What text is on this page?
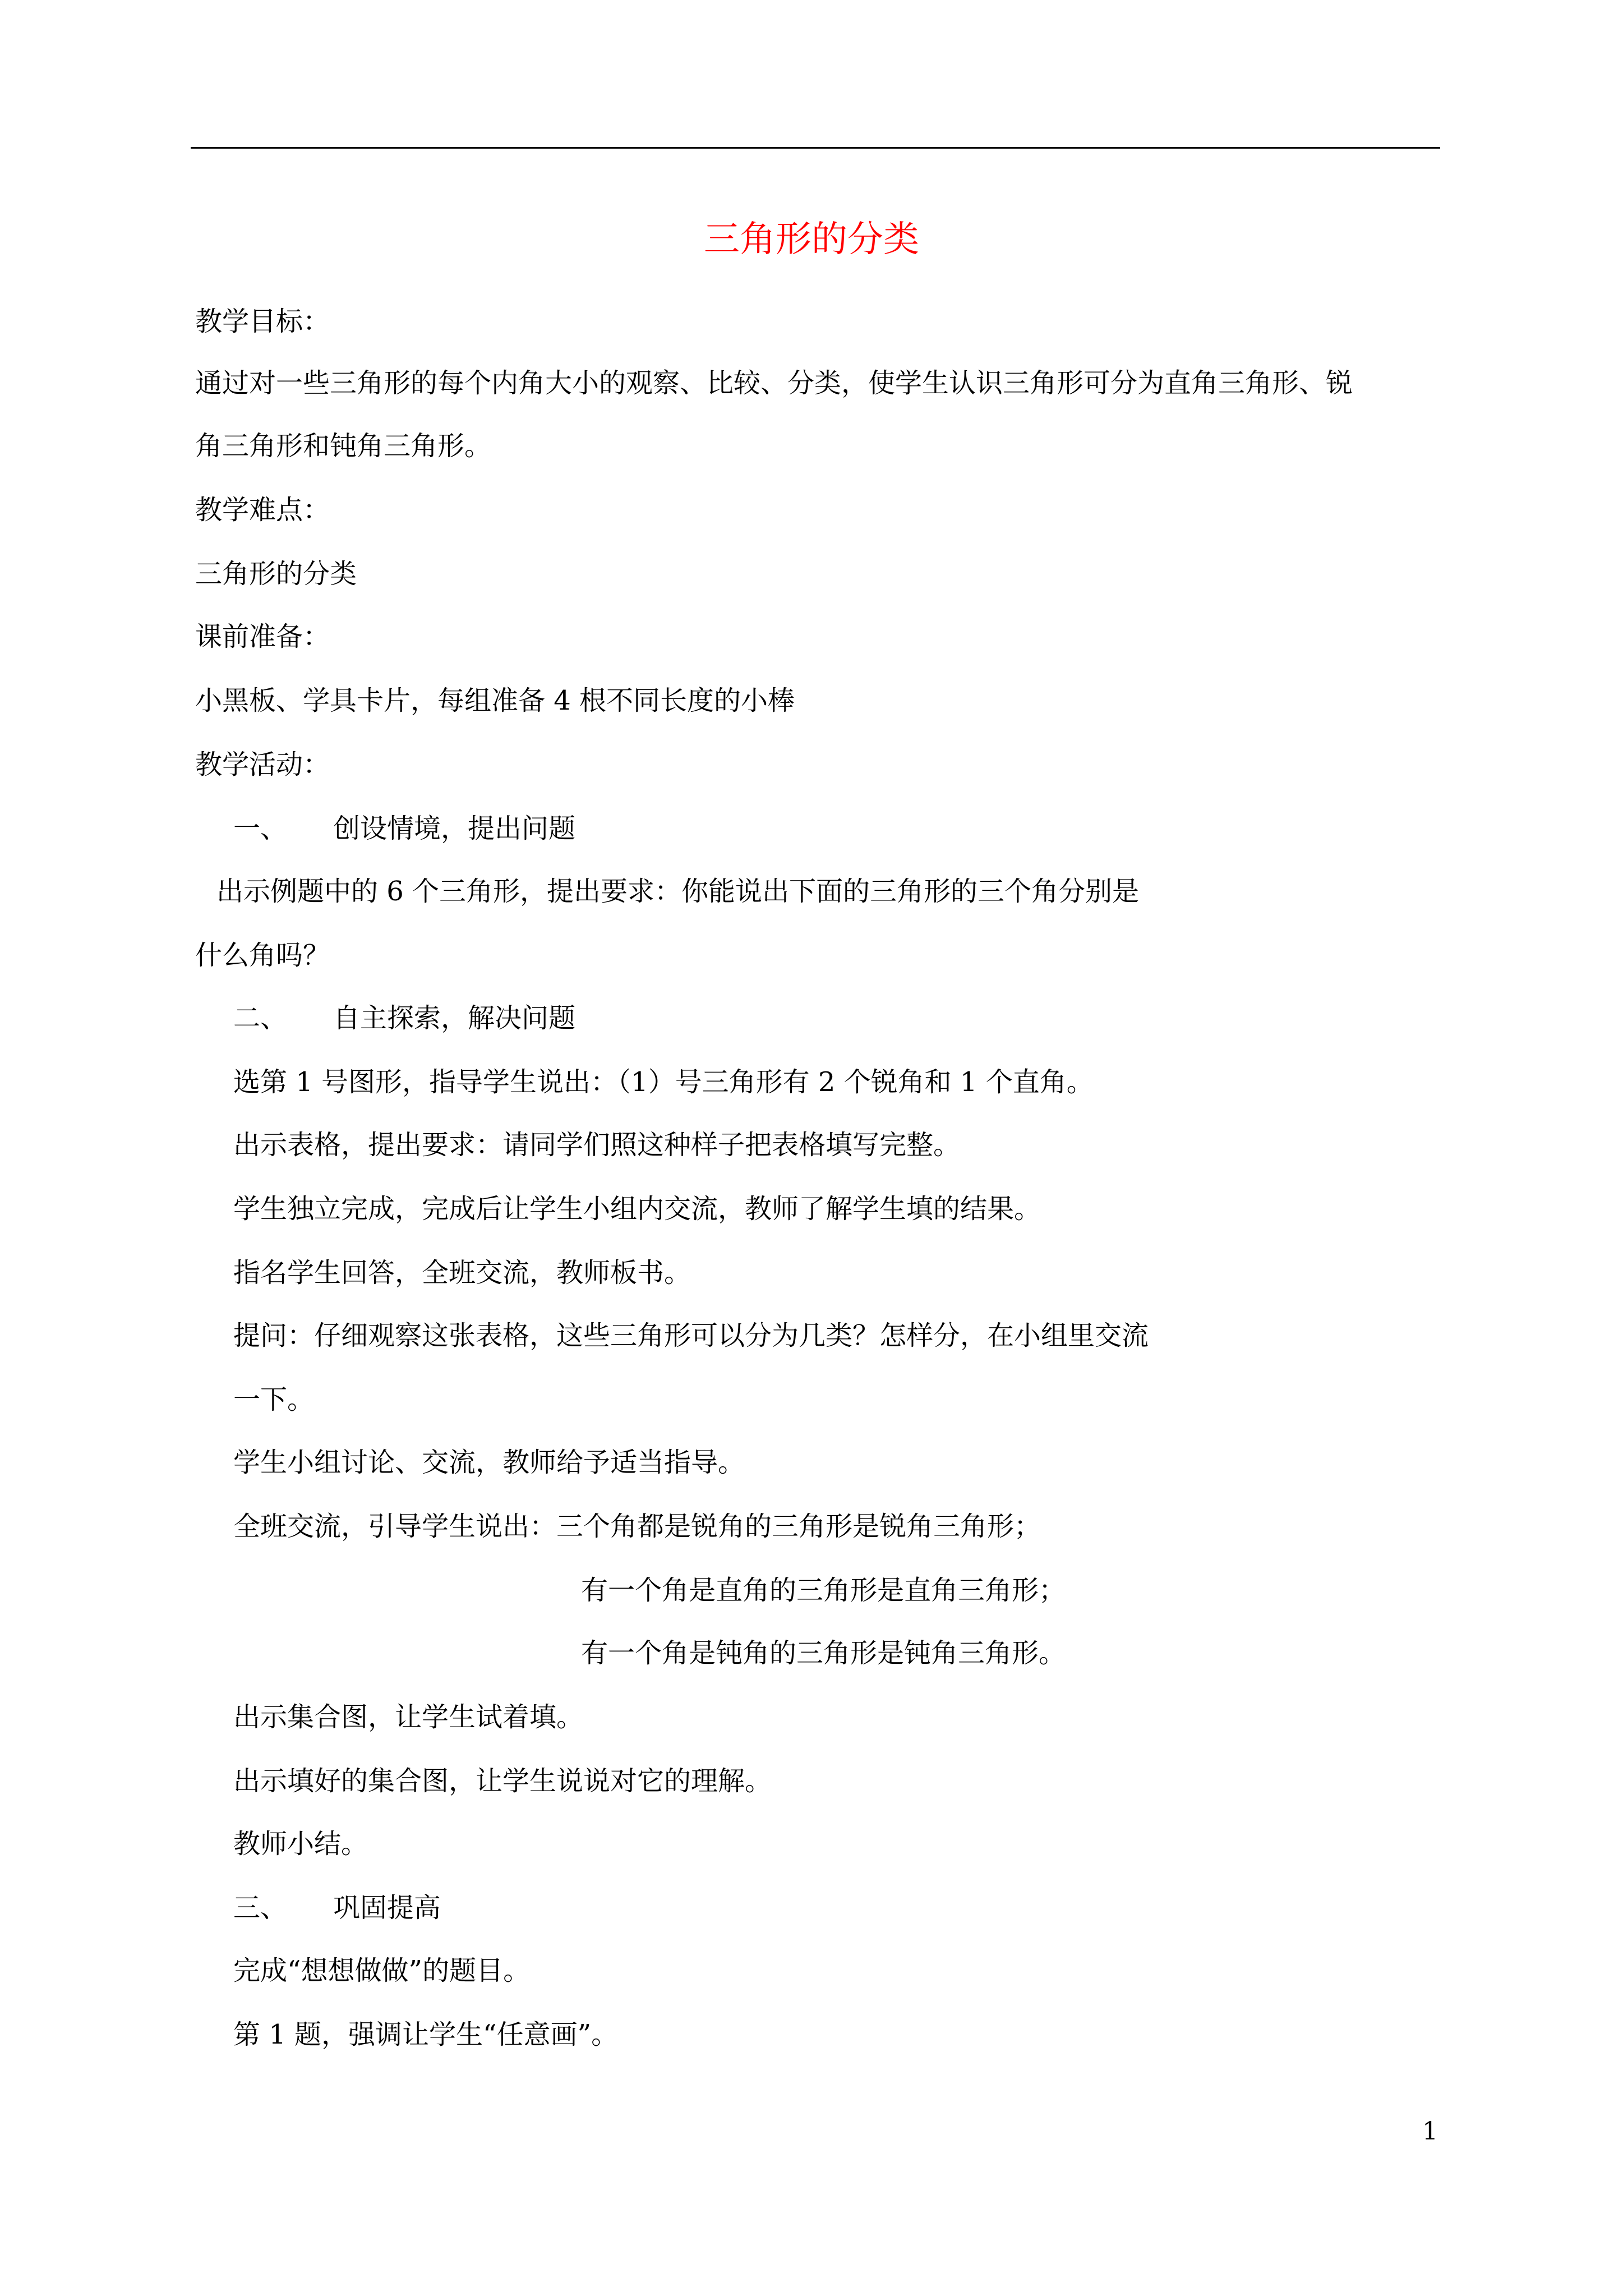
三角形的分类

教学目标：

通过对一些三角形的每个内角大小的观察、比较、分类，使学生认识三角形可分为直角三角形、锐

角三角形和钝角三角形。

教学难点：

三角形的分类

课前准备：

小黑板、学具卡片，每组准备 4 根不同长度的小棒

教学活动：

一、 创设情境，提出问题

出示例题中的 6 个三角形，提出要求：你能说出下面的三角形的三个角分别是

什么角吗？

二、 自主探索，解决问题

选第 1 号图形，指导学生说出：（1）号三角形有 2 个锐角和 1 个直角。

出示表格，提出要求：请同学们照这种样子把表格填写完整。

学生独立完成，完成后让学生小组内交流，教师了解学生填的结果。

指名学生回答，全班交流，教师板书。

提问：仔细观察这张表格，这些三角形可以分为几类？怎样分，在小组里交流

一下。

学生小组讨论、交流，教师给予适当指导。

全班交流，引导学生说出：三个角都是锐角的三角形是锐角三角形；

有一个角是直角的三角形是直角三角形；

有一个角是钝角的三角形是钝角三角形。

出示集合图，让学生试着填。

出示填好的集合图，让学生说说对它的理解。

教师小结。

三、 巩固提高

完成“想想做做”的题目。

第 1 题，强调让学生“任意画”。

1
